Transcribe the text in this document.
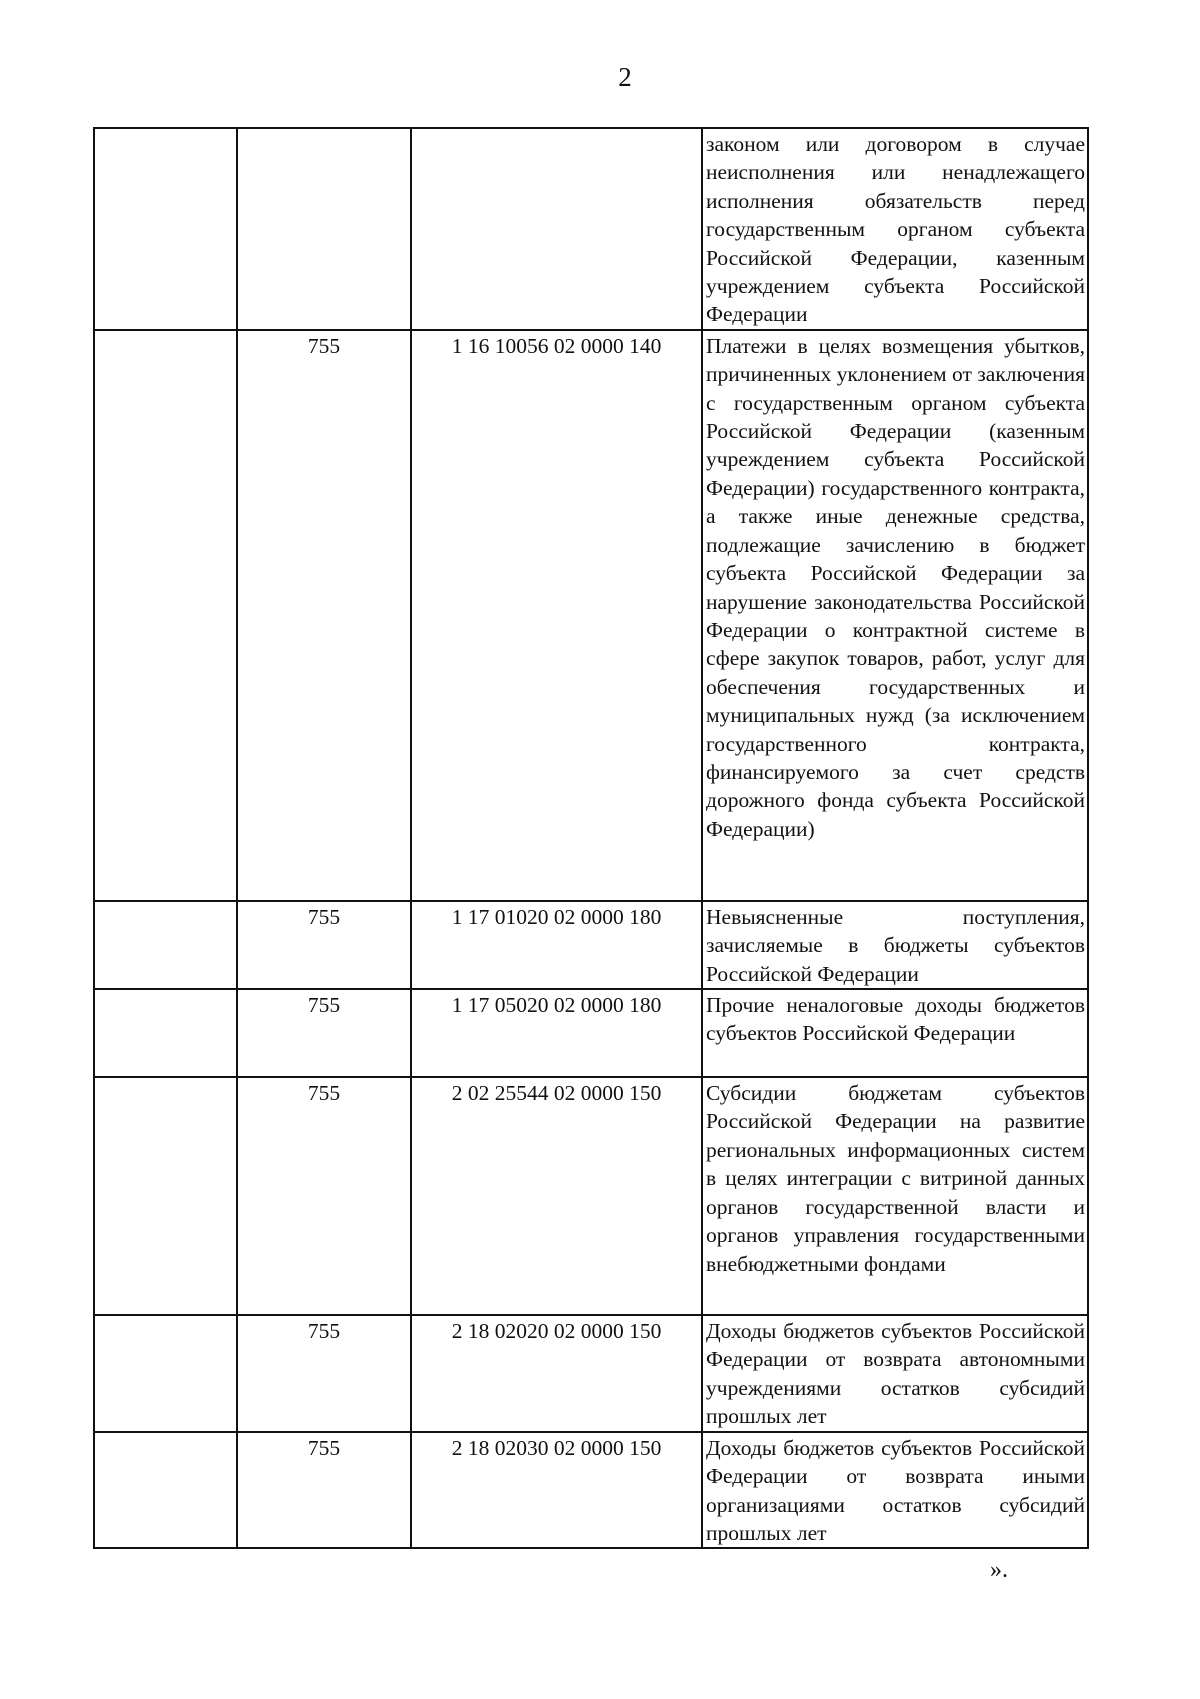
2

			законом или договором в случае неисполнения или ненадлежащего исполнения обязательств перед государственным органом субъекта Российской Федерации, казенным учреждением субъекта Российской Федерации

	755	1 16 10056 02 0000 140	Платежи в целях возмещения убытков, причиненных уклонением от заключения с государственным органом субъекта Российской Федерации (казенным учреждением субъекта Российской Федерации) государственного контракта, а также иные денежные средства, подлежащие зачислению в бюджет субъекта Российской Федерации за нарушение законодательства Российской Федерации о контрактной системе в сфере закупок товаров, работ, услуг для обеспечения государственных и муниципальных нужд (за исключением государственного контракта, финансируемого за счет средств дорожного фонда субъекта Российской Федерации)

	755	1 17 01020 02 0000 180	Невыясненные поступления, зачисляемые в бюджеты субъектов Российской Федерации

	755	1 17 05020 02 0000 180	Прочие неналоговые доходы бюджетов субъектов Российской Федерации

	755	2 02 25544 02 0000 150	Субсидии бюджетам субъектов Российской Федерации на развитие региональных информационных систем в целях интеграции с витриной данных органов государственной власти и органов управления государственными внебюджетными фондами

	755	2 18 02020 02 0000 150	Доходы бюджетов субъектов Российской Федерации от возврата автономными учреждениями остатков субсидий прошлых лет

	755	2 18 02030 02 0000 150	Доходы бюджетов субъектов Российской Федерации от возврата иными организациями остатков субсидий прошлых лет
».
